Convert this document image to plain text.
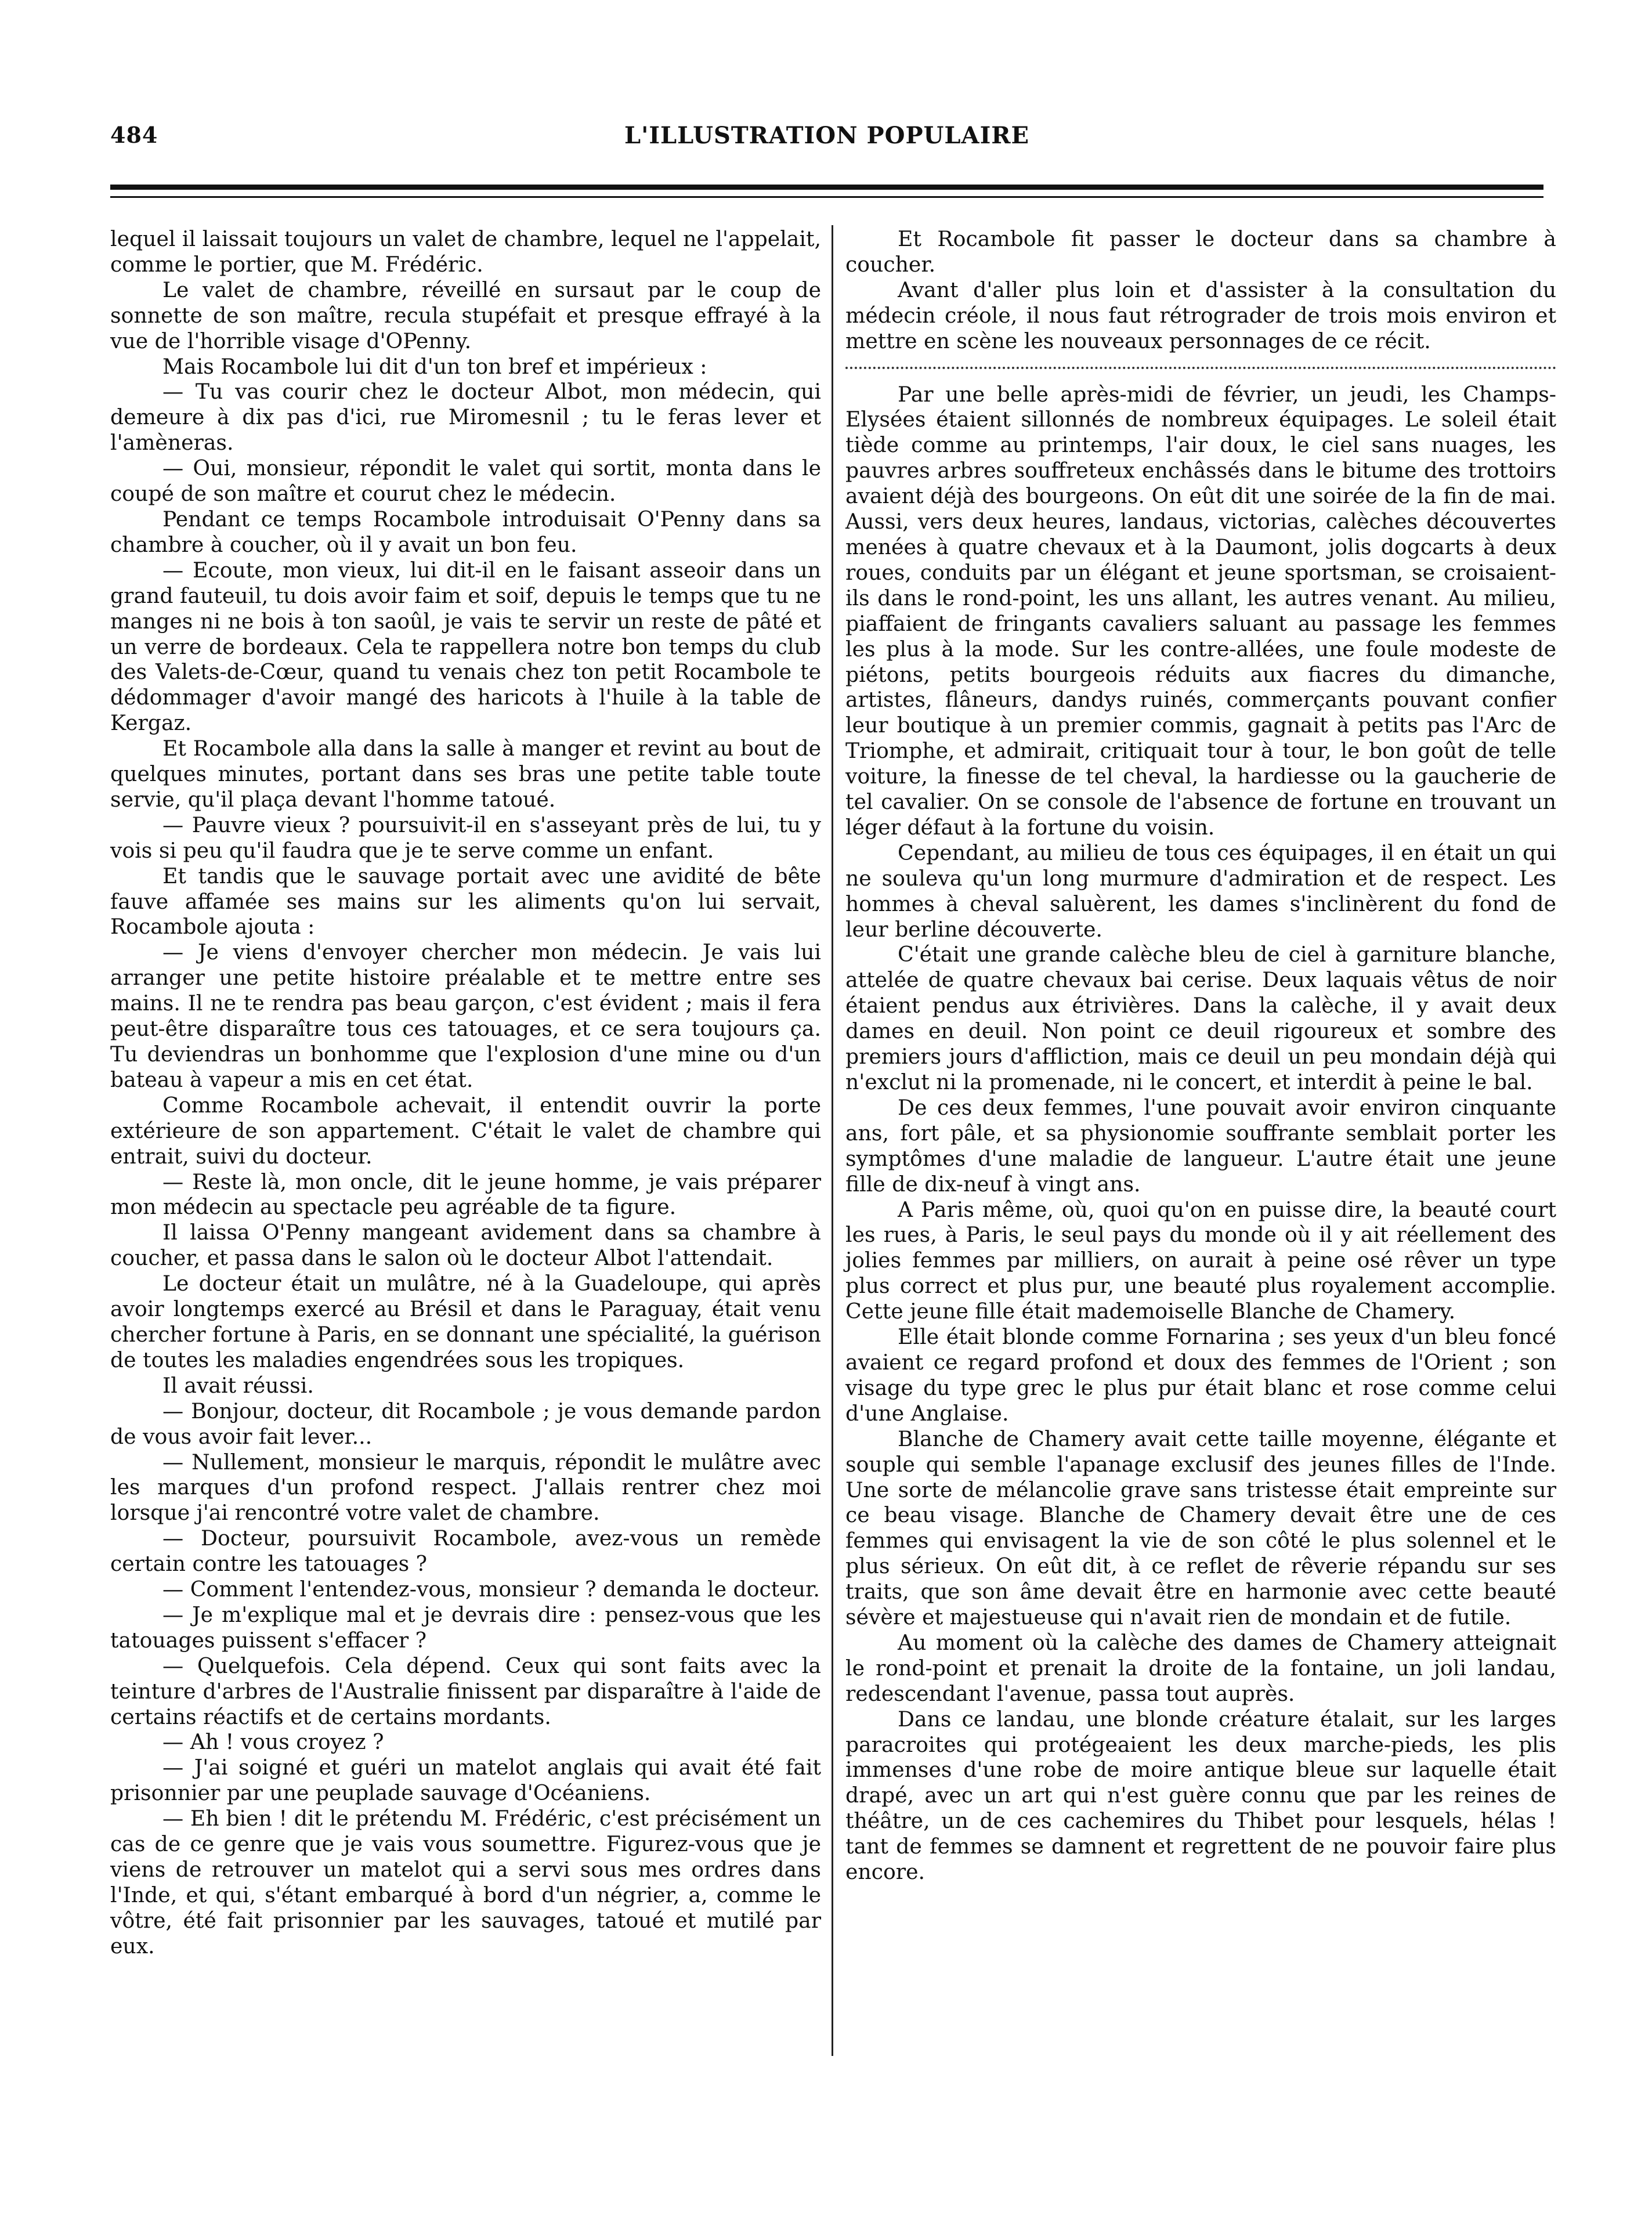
484	L'ILLUSTRATION POPULAIRE

lequel il laissait toujours un valet de chambre, lequel ne l'appelait, comme le portier, que M. Frédéric.

Le valet de chambre, réveillé en sursaut par le coup de sonnette de son maître, recula stupéfait et presque effrayé à la vue de l'horrible visage d'OPenny.

Mais Rocambole lui dit d'un ton bref et impérieux :

— Tu vas courir chez le docteur Albot, mon médecin, qui demeure à dix pas d'ici, rue Miromesnil ; tu le feras lever et l'amèneras.

— Oui, monsieur, répondit le valet qui sortit, monta dans le coupé de son maître et courut chez le médecin.

Pendant ce temps Rocambole introduisait O'Penny dans sa chambre à coucher, où il y avait un bon feu.

— Ecoute, mon vieux, lui dit-il en le faisant asseoir dans un grand fauteuil, tu dois avoir faim et soif, depuis le temps que tu ne manges ni ne bois à ton saoûl, je vais te servir un reste de pâté et un verre de bordeaux. Cela te rappellera notre bon temps du club des Valets-de-Cœur, quand tu venais chez ton petit Rocambole te dédommager d'avoir mangé des haricots à l'huile à la table de Kergaz.

Et Rocambole alla dans la salle à manger et revint au bout de quelques minutes, portant dans ses bras une petite table toute servie, qu'il plaça devant l'homme tatoué.

— Pauvre vieux ? poursuivit-il en s'asseyant près de lui, tu y vois si peu qu'il faudra que je te serve comme un enfant.

Et tandis que le sauvage portait avec une avidité de bête fauve affamée ses mains sur les aliments qu'on lui servait, Rocambole ajouta :

— Je viens d'envoyer chercher mon médecin. Je vais lui arranger une petite histoire préalable et te mettre entre ses mains. Il ne te rendra pas beau garçon, c'est évident ; mais il fera peut-être disparaître tous ces tatouages, et ce sera toujours ça. Tu deviendras un bonhomme que l'explosion d'une mine ou d'un bateau à vapeur a mis en cet état.

Comme Rocambole achevait, il entendit ouvrir la porte extérieure de son appartement. C'était le valet de chambre qui entrait, suivi du docteur.

— Reste là, mon oncle, dit le jeune homme, je vais préparer mon médecin au spectacle peu agréable de ta figure.

Il laissa O'Penny mangeant avidement dans sa chambre à coucher, et passa dans le salon où le docteur Albot l'attendait.

Le docteur était un mulâtre, né à la Guadeloupe, qui après avoir longtemps exercé au Brésil et dans le Paraguay, était venu chercher fortune à Paris, en se donnant une spécialité, la guérison de toutes les maladies engendrées sous les tropiques.

Il avait réussi.

— Bonjour, docteur, dit Rocambole ; je vous demande pardon de vous avoir fait lever...

— Nullement, monsieur le marquis, répondit le mulâtre avec les marques d'un profond respect. J'allais rentrer chez moi lorsque j'ai rencontré votre valet de chambre.

— Docteur, poursuivit Rocambole, avez-vous un remède certain contre les tatouages ?

— Comment l'entendez-vous, monsieur ? demanda le docteur.

— Je m'explique mal et je devrais dire : pensez-vous que les tatouages puissent s'effacer ?

— Quelquefois. Cela dépend. Ceux qui sont faits avec la teinture d'arbres de l'Australie finissent par disparaître à l'aide de certains réactifs et de certains mordants.

— Ah ! vous croyez ?

— J'ai soigné et guéri un matelot anglais qui avait été fait prisonnier par une peuplade sauvage d'Océaniens.

— Eh bien ! dit le prétendu M. Frédéric, c'est précisément un cas de ce genre que je vais vous soumettre. Figurez-vous que je viens de retrouver un matelot qui a servi sous mes ordres dans l'Inde, et qui, s'étant embarqué à bord d'un négrier, a, comme le vôtre, été fait prisonnier par les sauvages, tatoué et mutilé par eux.

Et Rocambole fit passer le docteur dans sa chambre à coucher.

Avant d'aller plus loin et d'assister à la consultation du médecin créole, il nous faut rétrograder de trois mois environ et mettre en scène les nouveaux personnages de ce récit.

Par une belle après-midi de février, un jeudi, les Champs-Elysées étaient sillonnés de nombreux équipages. Le soleil était tiède comme au printemps, l'air doux, le ciel sans nuages, les pauvres arbres souffreteux enchâssés dans le bitume des trottoirs avaient déjà des bourgeons. On eût dit une soirée de la fin de mai. Aussi, vers deux heures, landaus, victorias, calèches découvertes menées à quatre chevaux et à la Daumont, jolis dogcarts à deux roues, conduits par un élégant et jeune sportsman, se croisaient-ils dans le rond-point, les uns allant, les autres venant. Au milieu, piaffaient de fringants cavaliers saluant au passage les femmes les plus à la mode. Sur les contre-allées, une foule modeste de piétons, petits bourgeois réduits aux fiacres du dimanche, artistes, flâneurs, dandys ruinés, commerçants pouvant confier leur boutique à un premier commis, gagnait à petits pas l'Arc de Triomphe, et admirait, critiquait tour à tour, le bon goût de telle voiture, la finesse de tel cheval, la hardiesse ou la gaucherie de tel cavalier. On se console de l'absence de fortune en trouvant un léger défaut à la fortune du voisin.

Cependant, au milieu de tous ces équipages, il en était un qui ne souleva qu'un long murmure d'admiration et de respect. Les hommes à cheval saluèrent, les dames s'inclinèrent du fond de leur berline découverte.

C'était une grande calèche bleu de ciel à garniture blanche, attelée de quatre chevaux bai cerise. Deux laquais vêtus de noir étaient pendus aux étrivières. Dans la calèche, il y avait deux dames en deuil. Non point ce deuil rigoureux et sombre des premiers jours d'affliction, mais ce deuil un peu mondain déjà qui n'exclut ni la promenade, ni le concert, et interdit à peine le bal.

De ces deux femmes, l'une pouvait avoir environ cinquante ans, fort pâle, et sa physionomie souffrante semblait porter les symptômes d'une maladie de langueur. L'autre était une jeune fille de dix-neuf à vingt ans.

A Paris même, où, quoi qu'on en puisse dire, la beauté court les rues, à Paris, le seul pays du monde où il y ait réellement des jolies femmes par milliers, on aurait à peine osé rêver un type plus correct et plus pur, une beauté plus royalement accomplie. Cette jeune fille était mademoiselle Blanche de Chamery.

Elle était blonde comme Fornarina ; ses yeux d'un bleu foncé avaient ce regard profond et doux des femmes de l'Orient ; son visage du type grec le plus pur était blanc et rose comme celui d'une Anglaise.

Blanche de Chamery avait cette taille moyenne, élégante et souple qui semble l'apanage exclusif des jeunes filles de l'Inde. Une sorte de mélancolie grave sans tristesse était empreinte sur ce beau visage. Blanche de Chamery devait être une de ces femmes qui envisagent la vie de son côté le plus solennel et le plus sérieux. On eût dit, à ce reflet de rêverie répandu sur ses traits, que son âme devait être en harmonie avec cette beauté sévère et majestueuse qui n'avait rien de mondain et de futile.

Au moment où la calèche des dames de Chamery atteignait le rond-point et prenait la droite de la fontaine, un joli landau, redescendant l'avenue, passa tout auprès.

Dans ce landau, une blonde créature étalait, sur les larges paracroites qui protégeaient les deux marche-pieds, les plis immenses d'une robe de moire antique bleue sur laquelle était drapé, avec un art qui n'est guère connu que par les reines de théâtre, un de ces cachemires du Thibet pour lesquels, hélas ! tant de femmes se damnent et regrettent de ne pouvoir faire plus encore.
